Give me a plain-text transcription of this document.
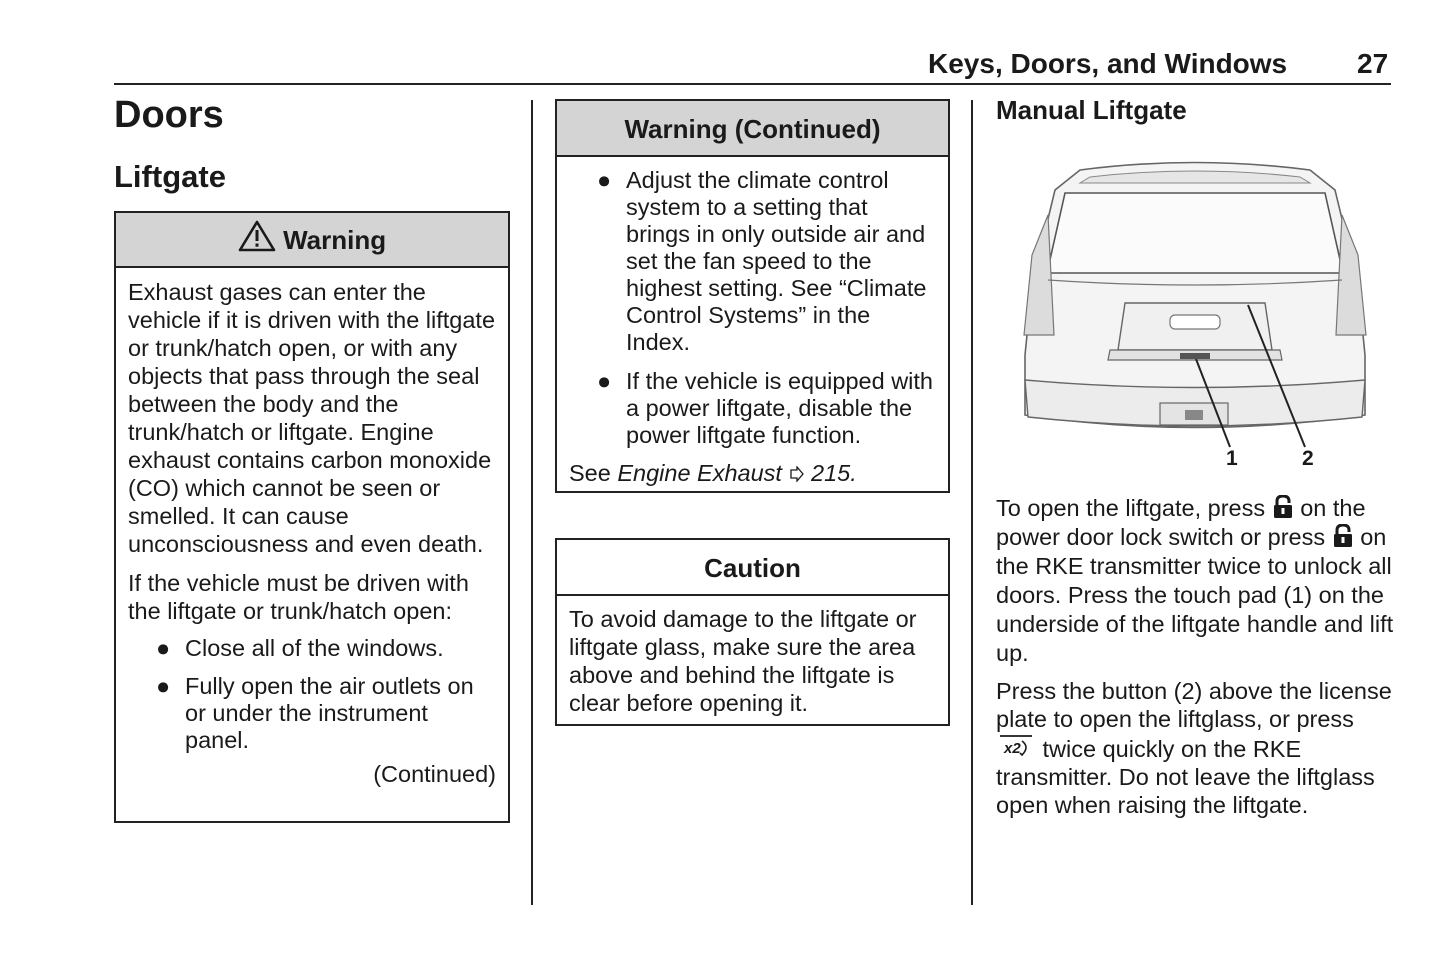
Keys, Doors, and Windows 27
Doors
Liftgate
Warning

Exhaust gases can enter the vehicle if it is driven with the liftgate or trunk/hatch open, or with any objects that pass through the seal between the body and the trunk/hatch or liftgate. Engine exhaust contains carbon monoxide (CO) which cannot be seen or smelled. It can cause unconsciousness and even death.

If the vehicle must be driven with the liftgate or trunk/hatch open:

● Close all of the windows.
● Fully open the air outlets on or under the instrument panel.
(Continued)
Warning (Continued)
● Adjust the climate control system to a setting that brings in only outside air and set the fan speed to the highest setting. See “Climate Control Systems” in the Index.
● If the vehicle is equipped with a power liftgate, disable the power liftgate function.

See Engine Exhaust 215.

Caution

To avoid damage to the liftgate or liftgate glass, make sure the area above and behind the liftgate is clear before opening it.

Manual Liftgate
1	2

To open the liftgate, press on the power door lock switch or press on the RKE transmitter twice to unlock all doors. Press the touch pad (1) on the underside of the liftgate handle and lift up.

Press the button (2) above the license plate to open the liftglass, or press
x2 twice quickly on the RKE transmitter. Do not leave the liftglass open when raising the liftgate.
